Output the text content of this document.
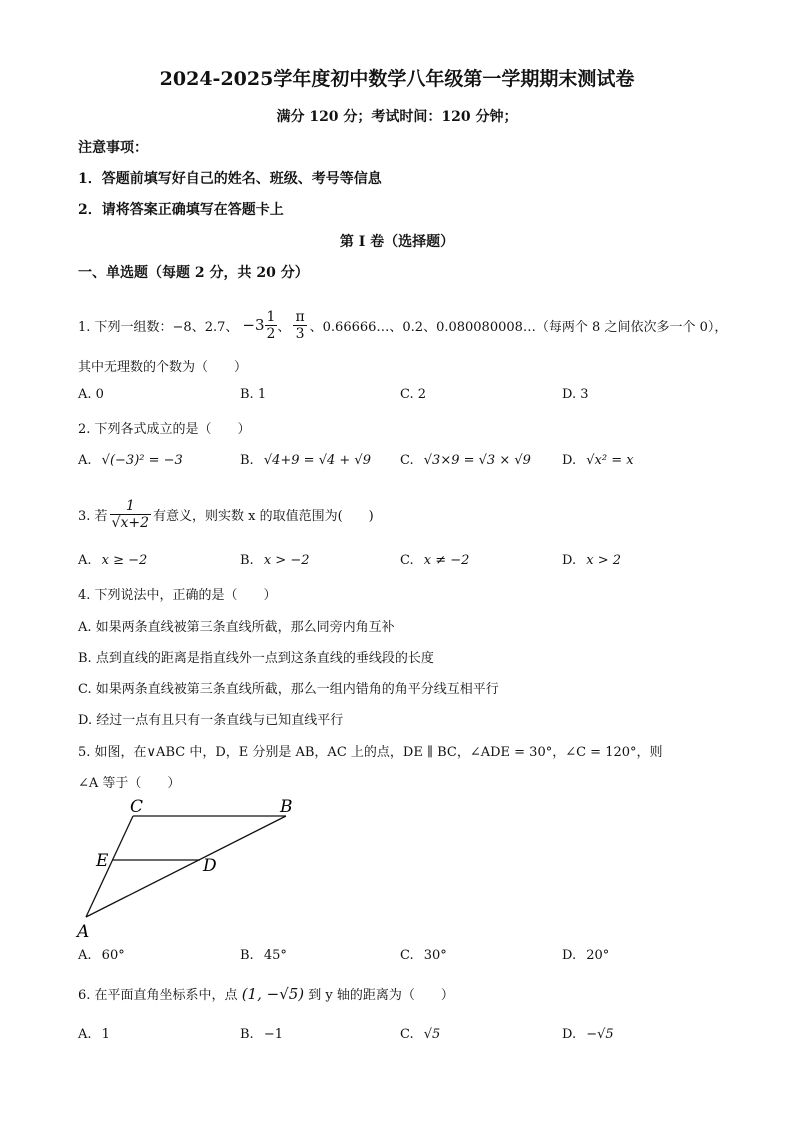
2024-2025学年度初中数学八年级第一学期期末测试卷
满分 120 分；考试时间：120 分钟；
注意事项：
1．答题前填写好自己的姓名、班级、考号等信息
2．请将答案正确填写在答题卡上
第 I 卷（选择题）
一、单选题（每题 2 分，共 20 分）
1. 下列一组数：−8、2.7、 $-3 \frac{1}{2}$ 、 $\frac{\pi}{3}$ 、0.66666…、0.2、0.080080008…（每两个 8 之间依次多一个 0），
其中无理数的个数为（　　）
A. 0	B. 1	C. 2	D. 3
2. 下列各式成立的是（　　）
A. √(−3)² = −3	B. √4+9 = √4 + √9 C. √3×9 = √3 × √9 D. √x² = x
3. 若 $\frac{1}{√x+2}$ 有意义，则实数 x 的取值范围为(　　)
A. x ≥ −2	B. x > −2	C. x ≠ −2	D. x > 2
4. 下列说法中，正确的是（　　）
A. 如果两条直线被第三条直线所截，那么同旁内角互补
B. 点到直线的距离是指直线外一点到这条直线的垂线段的长度
C. 如果两条直线被第三条直线所截，那么一组内错角的角平分线互相平行
D. 经过一点有且只有一条直线与已知直线平行
5. 如图，在∨ABC 中，D，E 分别是 AB，AC 上的点，DE ∥ BC，∠ADE = 30°，∠C = 120°，则
∠A 等于（　　）
C	B
E	D
A
A. 60°	B. 45°	C. 30°	D. 20°
6. 在平面直角坐标系中，点 (1, −√5) 到 y 轴的距离为（　　）
A. 1	B. −1	C. √5	D. −√5
